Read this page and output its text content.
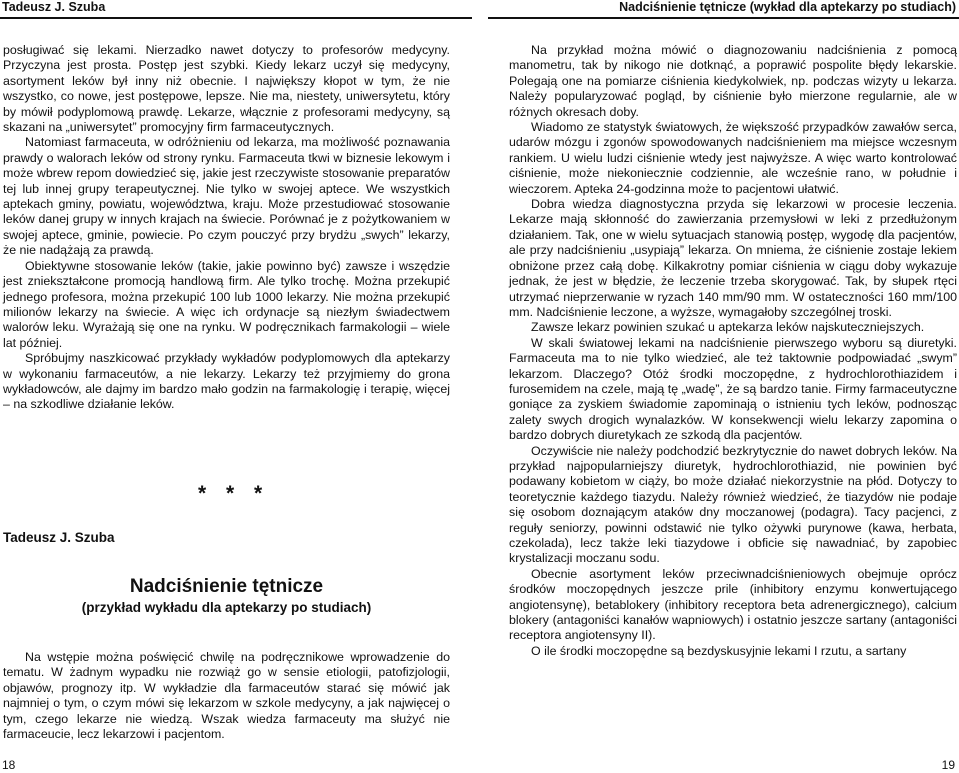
Tadeusz J. Szuba	Nadciśnienie tętnicze (wykład dla aptekarzy po studiach)

posługiwać się lekami. Nierzadko nawet dotyczy to profesorów medycyny. Przyczyna jest prosta. Postęp jest szybki. Kiedy lekarz uczył się medycyny, asortyment leków był inny niż obecnie. I największy kłopot w tym, że nie wszystko, co nowe, jest postępowe, lepsze. Nie ma, niestety, uniwersytetu, który by mówił podyplomową prawdę. Lekarze, włącznie z profesorami medycyny, są skazani na „uniwersytet” promocyjny firm farmaceutycznych.

Natomiast farmaceuta, w odróżnieniu od lekarza, ma możliwość poznawania prawdy o walorach leków od strony rynku. Farmaceuta tkwi w biznesie lekowym i może wbrew repom dowiedzieć się, jakie jest rzeczywiste stosowanie preparatów tej lub innej grupy terapeutycznej. Nie tylko w swojej aptece. We wszystkich aptekach gminy, powiatu, województwa, kraju. Może przestudiować stosowanie leków danej grupy w innych krajach na świecie. Porównać je z pożytkowaniem w swojej aptece, gminie, powiecie. Po czym pouczyć przy brydżu „swych” lekarzy, że nie nadążają za prawdą.

Obiektywne stosowanie leków (takie, jakie powinno być) zawsze i wszędzie jest zniekształcone promocją handlową firm. Ale tylko trochę. Można przekupić jednego profesora, można przekupić 100 lub 1000 lekarzy. Nie można przekupić milionów lekarzy na świecie. A więc ich ordynacje są niezłym świadectwem walorów leku. Wyrażają się one na rynku. W podręcznikach farmakologii – wiele lat później.

Spróbujmy naszkicować przykłady wykładów podyplomowych dla aptekarzy w wykonaniu farmaceutów, a nie lekarzy. Lekarzy też przyjmiemy do grona wykładowców, ale dajmy im bardzo mało godzin na farmakologię i terapię, więcej – na szkodliwe działanie leków.

* * *
Tadeusz J. Szuba
Nadciśnienie tętnicze
(przykład wykładu dla aptekarzy po studiach)

Na wstępie można poświęcić chwilę na podręcznikowe wprowadzenie do tematu. W żadnym wypadku nie rozwiąż go w sensie etiologii, patofizjologii, objawów, prognozy itp. W wykładzie dla farmaceutów starać się mówić jak najmniej o tym, o czym mówi się lekarzom w szkole medycyny, a jak najwięcej o tym, czego lekarze nie wiedzą. Wszak wiedza farmaceuty ma służyć nie farmaceucie, lecz lekarzowi i pacjentom.

Na przykład można mówić o diagnozowaniu nadciśnienia z pomocą manometru, tak by nikogo nie dotknąć, a poprawić pospolite błędy lekarskie. Polegają one na pomiarze ciśnienia kiedykolwiek, np. podczas wizyty u lekarza. Należy popularyzować pogląd, by ciśnienie było mierzone regularnie, ale w różnych okresach doby.

Wiadomo ze statystyk światowych, że większość przypadków zawałów serca, udarów mózgu i zgonów spowodowanych nadciśnieniem ma miejsce wczesnym rankiem. U wielu ludzi ciśnienie wtedy jest najwyższe. A więc warto kontrolować ciśnienie, może niekoniecznie codziennie, ale wcześnie rano, w południe i wieczorem. Apteka 24-godzinna może to pacjentowi ułatwić.

Dobra wiedza diagnostyczna przyda się lekarzowi w procesie leczenia. Lekarze mają skłonność do zawierzania przemysłowi w leki z przedłużonym działaniem. Tak, one w wielu sytuacjach stanowią postęp, wygodę dla pacjentów, ale przy nadciśnieniu „usypiają” lekarza. On mniema, że ciśnienie zostaje lekiem obniżone przez całą dobę. Kilkakrotny pomiar ciśnienia w ciągu doby wykazuje jednak, że jest w błędzie, że leczenie trzeba skorygować. Tak, by słupek rtęci utrzymać nieprzerwanie w ryzach 140 mm/90 mm. W ostateczności 160 mm/100 mm. Nadciśnienie leczone, a wyższe, wymagałoby szczególnej troski.

Zawsze lekarz powinien szukać u aptekarza leków najskuteczniejszych.

W skali światowej lekami na nadciśnienie pierwszego wyboru są diuretyki. Farmaceuta ma to nie tylko wiedzieć, ale też taktownie podpowiadać „swym” lekarzom. Dlaczego? Otóż środki moczopędne, z hydrochlorothiazidem i furosemidem na czele, mają tę „wadę”, że są bardzo tanie. Firmy farmaceutyczne goniące za zyskiem świadomie zapominają o istnieniu tych leków, podnosząc zalety swych drogich wynalazków. W konsekwencji wielu lekarzy zapomina o bardzo dobrych diuretykach ze szkodą dla pacjentów.

Oczywiście nie należy podchodzić bezkrytycznie do nawet dobrych leków. Na przykład najpopularniejszy diuretyk, hydrochlorothiazid, nie powinien być podawany kobietom w ciąży, bo może działać niekorzystnie na płód. Dotyczy to teoretycznie każdego tiazydu. Należy również wiedzieć, że tiazydów nie podaje się osobom doznającym ataków dny moczanowej (podagra). Tacy pacjenci, z reguły seniorzy, powinni odstawić nie tylko ożywki purynowe (kawa, herbata, czekolada), lecz także leki tiazydowe i obficie się nawadniać, by zapobiec krystalizacji moczanu sodu.

Obecnie asortyment leków przeciwnadciśnieniowych obejmuje oprócz środków moczopędnych jeszcze prile (inhibitory enzymu konwertującego angiotensynę), betablokery (inhibitory receptora beta adrenergicznego), calcium blokery (antagoniści kanałów wapniowych) i ostatnio jeszcze sartany (antagoniści receptora angiotensyny II).

O ile środki moczopędne są bezdyskusyjnie lekami I rzutu, a sartany

18	19
